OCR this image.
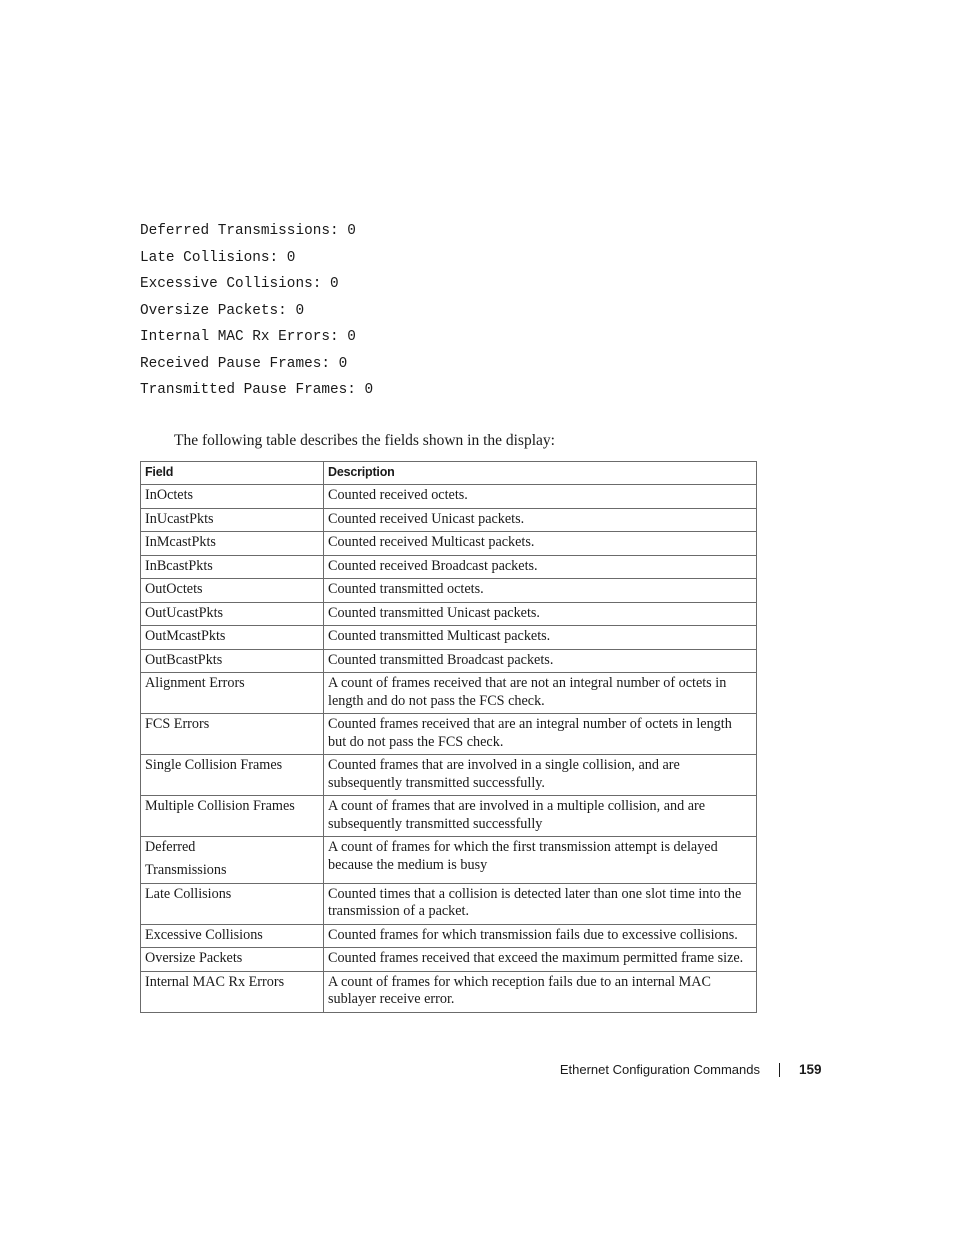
Deferred Transmissions: 0
Late Collisions: 0
Excessive Collisions: 0
Oversize Packets: 0
Internal MAC Rx Errors: 0
Received Pause Frames: 0
Transmitted Pause Frames: 0

The following table describes the fields shown in the display:

Field	Description
InOctets	Counted received octets.
InUcastPkts	Counted received Unicast packets.
InMcastPkts	Counted received Multicast packets.
InBcastPkts	Counted received Broadcast packets.
OutOctets	Counted transmitted octets.
OutUcastPkts	Counted transmitted Unicast packets.
OutMcastPkts	Counted transmitted Multicast packets.
OutBcastPkts	Counted transmitted Broadcast packets.
Alignment Errors	A count of frames received that are not an integral number of octets in length and do not pass the FCS check.
FCS Errors	Counted frames received that are an integral number of octets in length but do not pass the FCS check.
Single Collision Frames	Counted frames that are involved in a single collision, and are subsequently transmitted successfully.
Multiple Collision Frames	A count of frames that are involved in a multiple collision, and are subsequently transmitted successfully
Deferred
Transmissions	A count of frames for which the first transmission attempt is delayed because the medium is busy
Late Collisions	Counted times that a collision is detected later than one slot time into the transmission of a packet.
Excessive Collisions	Counted frames for which transmission fails due to excessive collisions.
Oversize Packets	Counted frames received that exceed the maximum permitted frame size.
Internal MAC Rx Errors	A count of frames for which reception fails due to an internal MAC sublayer receive error.
Ethernet Configuration Commands	159
